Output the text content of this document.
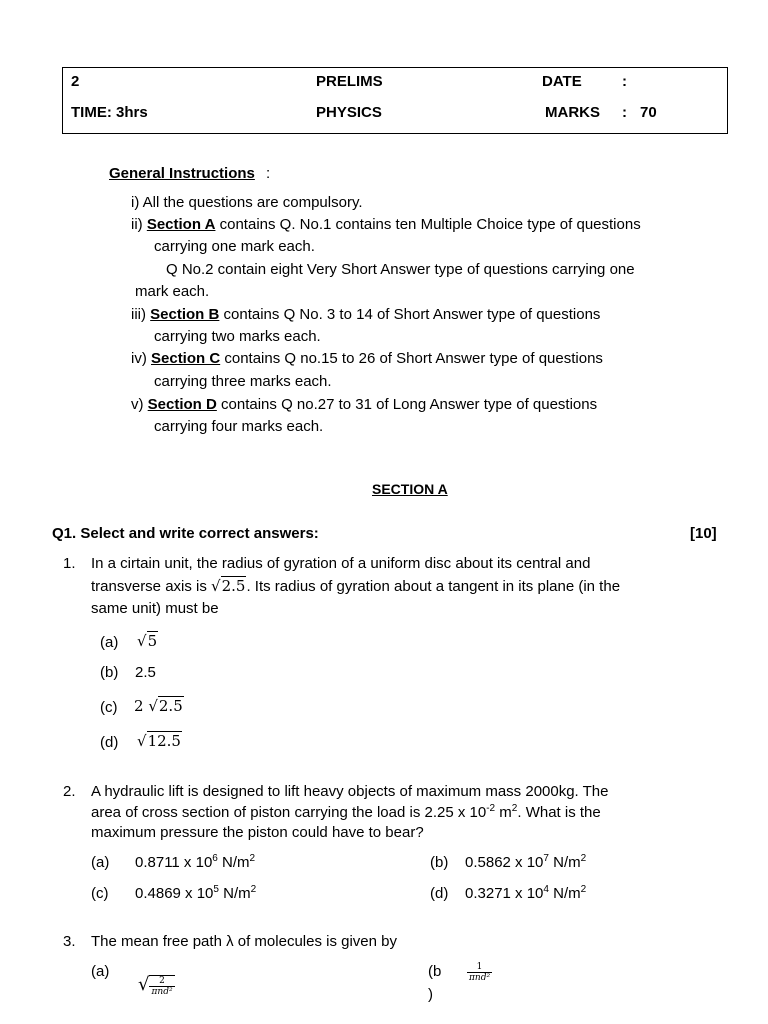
2	PRELIMS	DATE	:
TIME: 3hrs	PHYSICS	MARKS : 70
General Instructions :
i) All the questions are compulsory.
ii) Section A contains Q. No.1 contains ten Multiple Choice type of questions
carrying one mark each.
Q No.2 contain eight Very Short Answer type of questions carrying one
mark each.
iii) Section B contains Q No. 3 to 14 of Short Answer type of questions
carrying two marks each.
iv) Section C contains Q no.15 to 26 of Short Answer type of questions
carrying three marks each.
v) Section D contains Q no.27 to 31 of Long Answer type of questions
carrying four marks each.
SECTION A
Q1. Select and write correct answers:	[10]
1. In a cirtain unit, the radius of gyration of a uniform disc about its central and
transverse axis is √2.5. Its radius of gyration about a tangent in its plane (in the
same unit) must be
(a) √5
(b) 2.5
(c) 2 √2.5
(d) √12.5
2. A hydraulic lift is designed to lift heavy objects of maximum mass 2000kg. The
area of cross section of piston carrying the load is 2.25 x $10^{-2}$ $m^2$. What is the
maximum pressure the piston could have to bear?
(a) 0.8711 x $10^6$ $N/m^2$	(b) 0.5862 x $10^7$ $N/m^2$
(c) 0.4869 x $10^5$ $N/m^2$	(d) 0.3271 x $10^4$ $N/m^2$
3. The mean free path λ of molecules is given by
(a)
√ $\frac{2}{\text{πnd²}}$
(b
)
$\frac{1}{\text{πnd²}}$
